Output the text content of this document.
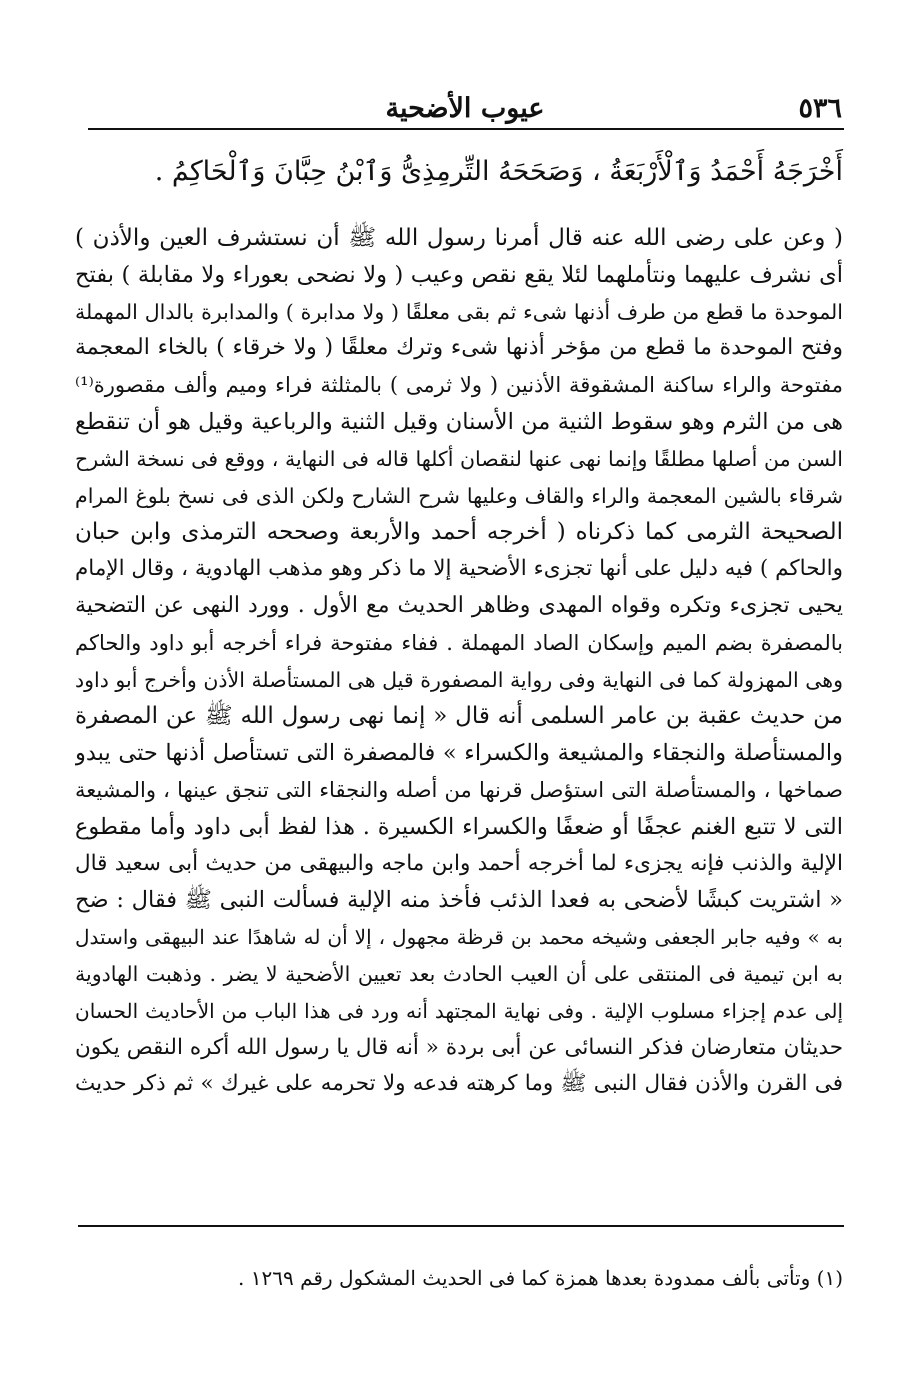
٥٣٦
عيوب الأضحية
أَخْرَجَهُ أَحْمَدُ وَٱلْأَرْبَعَةُ ، وَصَحَحَهُ التِّرمِذِىُّ وَٱبْنُ حِبَّانَ وَٱلْحَاكِمُ .
( وعن على رضى الله عنه قال أمرنا رسول الله ﷺ أن نستشرف العين والأذن )
أى نشرف عليهما ونتأملهما لئلا يقع نقص وعيب ( ولا نضحى بعوراء ولا مقابلة ) بفتح
الموحدة ما قطع من طرف أذنها شىء ثم بقى معلقًا ( ولا مدابرة ) والمدابرة بالدال المهملة
وفتح الموحدة ما قطع من مؤخر أذنها شىء وترك معلقًا ( ولا خرقاء ) بالخاء المعجمة
مفتوحة والراء ساكنة المشقوقة الأذنين ( ولا ثرمى ) بالمثلثة فراء وميم وألف مقصورة⁽¹⁾
هى من الثرم وهو سقوط الثنية من الأسنان وقيل الثنية والرباعية وقيل هو أن تنقطع
السن من أصلها مطلقًا وإنما نهى عنها لنقصان أكلها قاله فى النهاية ، ووقع فى نسخة الشرح
شرقاء بالشين المعجمة والراء والقاف وعليها شرح الشارح ولكن الذى فى نسخ بلوغ المرام
الصحيحة الثرمى كما ذكرناه ( أخرجه أحمد والأربعة وصححه الترمذى وابن حبان
والحاكم ) فيه دليل على أنها تجزىء الأضحية إلا ما ذكر وهو مذهب الهادوية ، وقال الإمام
يحيى تجزىء وتكره وقواه المهدى وظاهر الحديث مع الأول . وورد النهى عن التضحية
بالمصفرة بضم الميم وإسكان الصاد المهملة . ففاء مفتوحة فراء أخرجه أبو داود والحاكم
وهى المهزولة كما فى النهاية وفى رواية المصفورة قيل هى المستأصلة الأذن وأخرج أبو داود
من حديث عقبة بن عامر السلمى أنه قال « إنما نهى رسول الله ﷺ عن المصفرة
والمستأصلة والنجقاء والمشيعة والكسراء » فالمصفرة التى تستأصل أذنها حتى يبدو
صماخها ، والمستأصلة التى استؤصل قرنها من أصله والنجقاء التى تنجق عينها ، والمشيعة
التى لا تتبع الغنم عجفًا أو ضعفًا والكسراء الكسيرة . هذا لفظ أبى داود وأما مقطوع
الإلية والذنب فإنه يجزىء لما أخرجه أحمد وابن ماجه والبيهقى من حديث أبى سعيد قال
« اشتريت كبشًا لأضحى به فعدا الذئب فأخذ منه الإلية فسألت النبى ﷺ فقال : ضح
به » وفيه جابر الجعفى وشيخه محمد بن قرظة مجهول ، إلا أن له شاهدًا عند البيهقى واستدل
به ابن تيمية فى المنتقى على أن العيب الحادث بعد تعيين الأضحية لا يضر . وذهبت الهادوية
إلى عدم إجزاء مسلوب الإلية . وفى نهاية المجتهد أنه ورد فى هذا الباب من الأحاديث الحسان
حديثان متعارضان فذكر النسائى عن أبى بردة « أنه قال يا رسول الله أكره النقص يكون
فى القرن والأذن فقال النبى ﷺ وما كرهته فدعه ولا تحرمه على غيرك » ثم ذكر حديث
(١) وتأتى بألف ممدودة بعدها همزة كما فى الحديث المشكول رقم ١٢٦٩ .
